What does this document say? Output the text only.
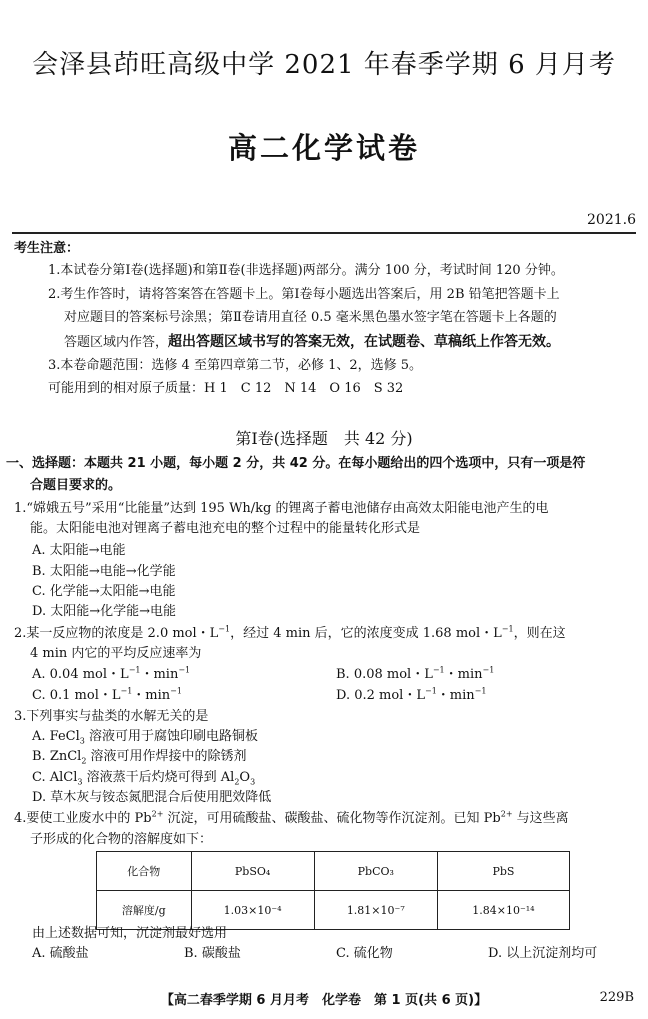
会泽县茚旺高级中学 2021 年春季学期 6 月月考
高二化学试卷
2021.6
考生注意：
1.本试卷分第Ⅰ卷(选择题)和第Ⅱ卷(非选择题)两部分。满分 100 分，考试时间 120 分钟。
2.考生作答时，请将答案答在答题卡上。第Ⅰ卷每小题选出答案后，用 2B 铅笔把答题卡上
对应题目的答案标号涂黑；第Ⅱ卷请用直径 0.5 毫米黑色墨水签字笔在答题卡上各题的
答题区域内作答，超出答题区域书写的答案无效，在试题卷、草稿纸上作答无效。
3.本卷命题范围：选修 4 至第四章第二节，必修 1、2，选修 5。
可能用到的相对原子质量：H 1　C 12　N 14　O 16　S 32
第Ⅰ卷(选择题　共 42 分)
一、选择题：本题共 21 小题，每小题 2 分，共 42 分。在每小题给出的四个选项中，只有一项是符
合题目要求的。
1.“嫦娥五号”采用“比能量”达到 195 Wh/kg 的锂离子蓄电池储存由高效太阳能电池产生的电
能。太阳能电池对锂离子蓄电池充电的整个过程中的能量转化形式是
A. 太阳能→电能
B. 太阳能→电能→化学能
C. 化学能→太阳能→电能
D. 太阳能→化学能→电能
2.某一反应物的浓度是 2.0 mol・$L^{-1}$，经过 4 min 后，它的浓度变成 1.68 mol・$L^{-1}$，则在这
4 min 内它的平均反应速率为
A. 0.04 mol・$L^{-1}$・$\min^{-1}$	B. 0.08 mol・$L^{-1}$・$\min^{-1}$
C. 0.1 mol・$L^{-1}$・$\min^{-1}$	D. 0.2 mol・$L^{-1}$・$\min^{-1}$
3.下列事实与盐类的水解无关的是
A. FeCl$_3$ 溶液可用于腐蚀印刷电路铜板
B. ZnCl$_2$ 溶液可用作焊接中的除锈剂
C. AlCl$_3$ 溶液蒸干后灼烧可得到 $Al_2O_3$
D. 草木灰与铵态氮肥混合后使用肥效降低
4.要使工业废水中的 $Pb^{2+}$ 沉淀，可用硫酸盐、碳酸盐、硫化物等作沉淀剂。已知 $Pb^{2+}$ 与这些离
子形成的化合物的溶解度如下：
化合物	PbSO₄	PbCO₃	PbS
溶解度/g	1.03×10⁻⁴	1.81×10⁻⁷	1.84×10⁻¹⁴
由上述数据可知，沉淀剂最好选用
A. 硫酸盐	B. 碳酸盐	C. 硫化物	D. 以上沉淀剂均可
【高二春季学期 6 月月考　化学卷　第 1 页(共 6 页)】	229B
